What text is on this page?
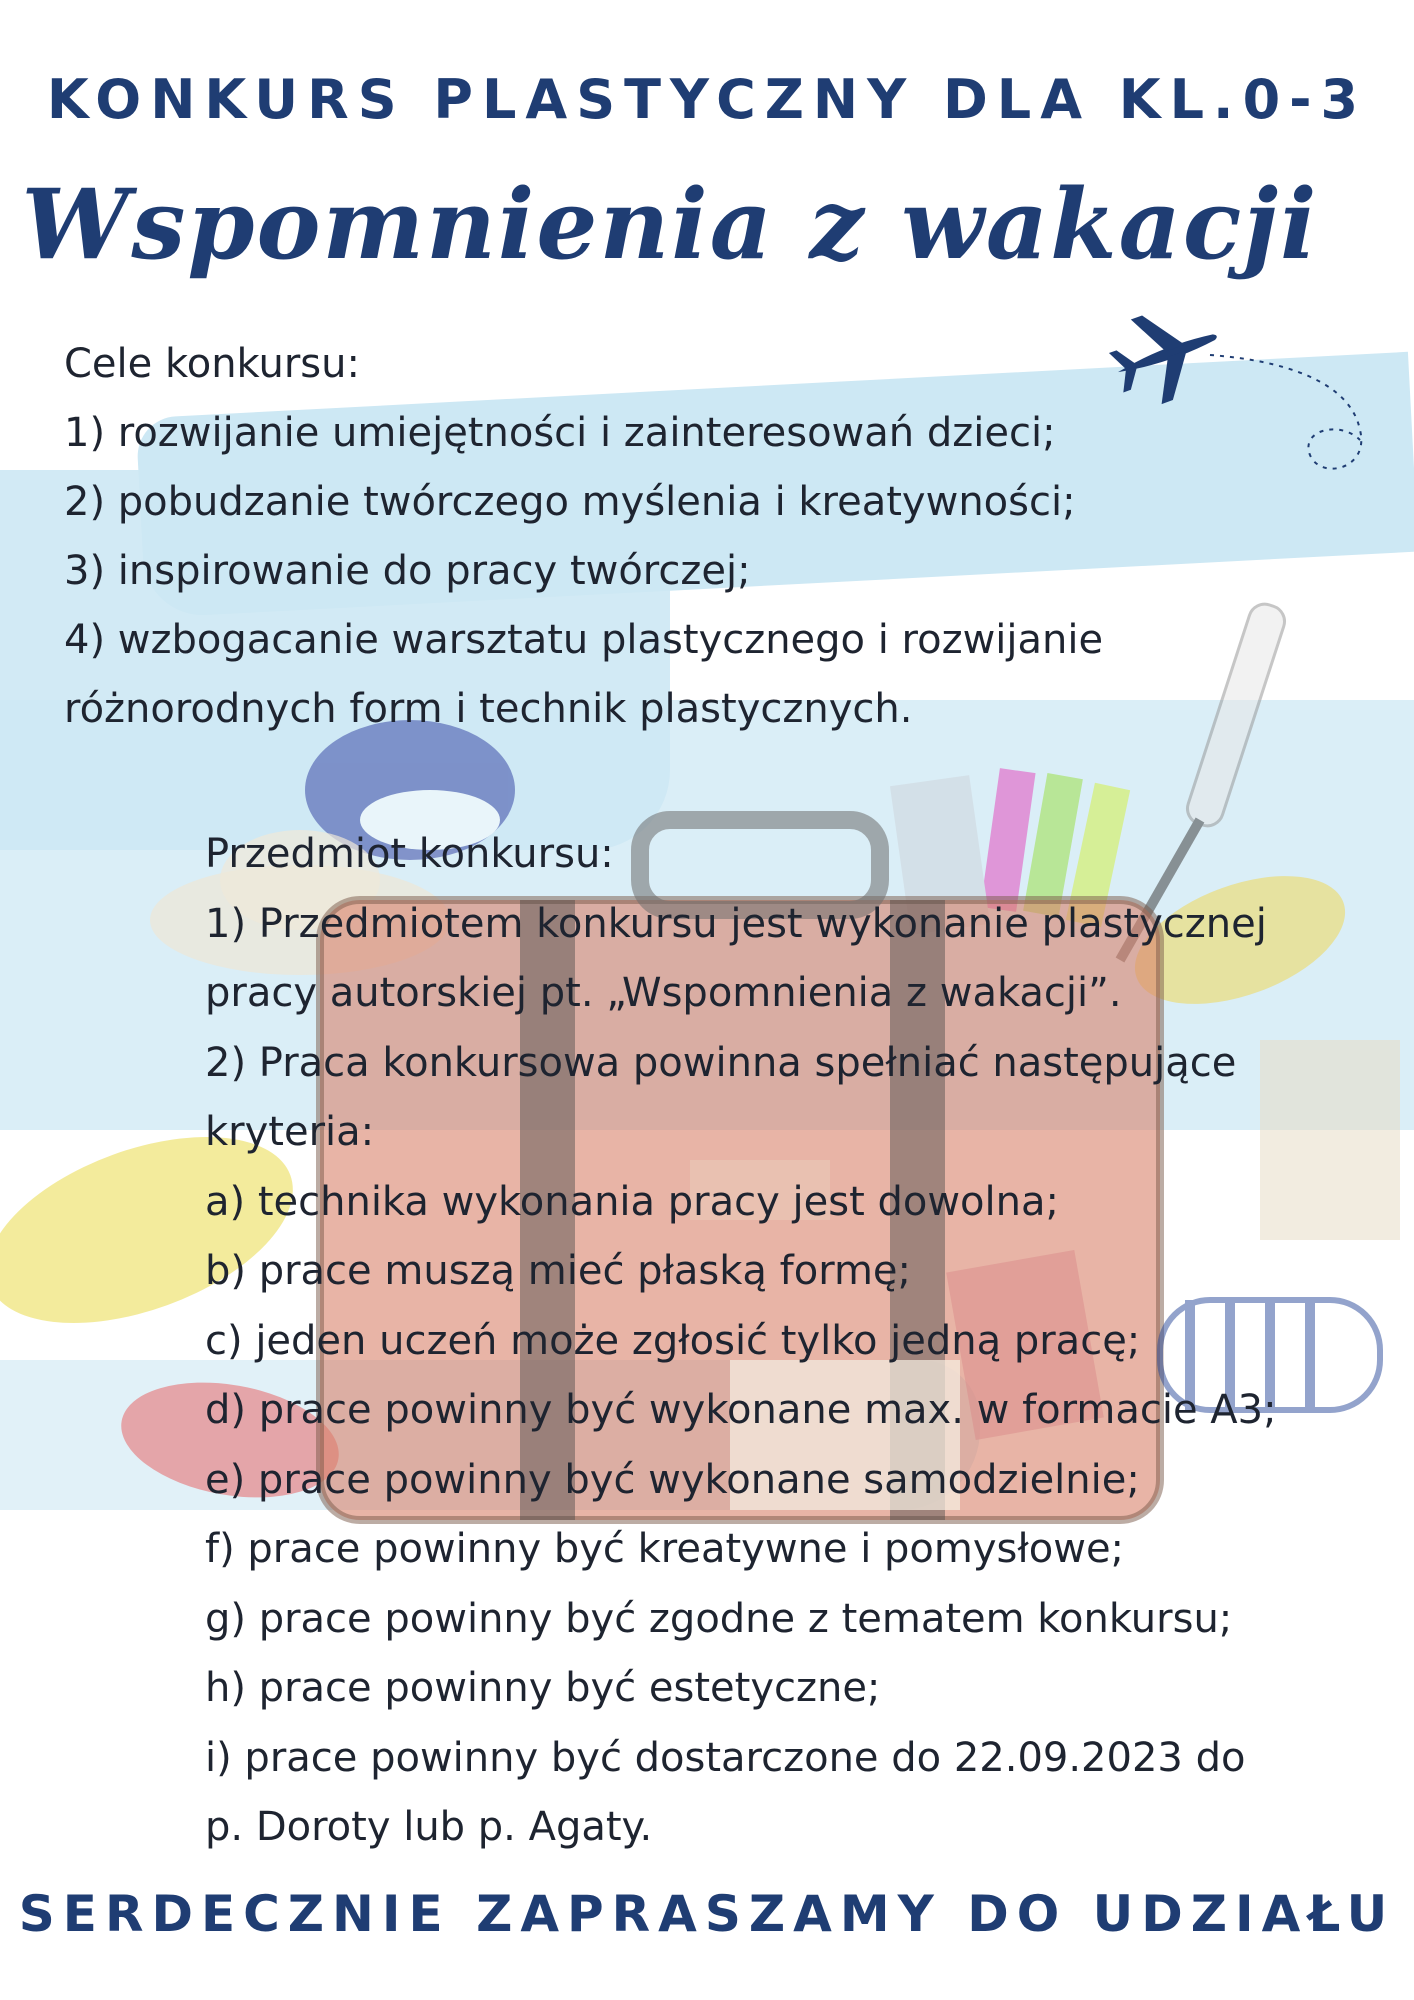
KONKURS PLASTYCZNY DLA KL.0-3
Wspomnienia z wakacji
Cele konkursu:
1) rozwijanie umiejętności i zainteresowań dzieci;
2) pobudzanie twórczego myślenia i kreatywności;
3) inspirowanie do pracy twórczej;
4) wzbogacanie warsztatu plastycznego i rozwijanie
różnorodnych form i technik plastycznych.
Przedmiot konkursu:
1) Przedmiotem konkursu jest wykonanie plastycznej
pracy autorskiej pt. „Wspomnienia z wakacji”.
2) Praca konkursowa powinna spełniać następujące
kryteria:
a) technika wykonania pracy jest dowolna;
b) prace muszą mieć płaską formę;
c) jeden uczeń może zgłosić tylko jedną pracę;
d) prace powinny być wykonane max. w formacie A3;
e) prace powinny być wykonane samodzielnie;
f) prace powinny być kreatywne i pomysłowe;
g) prace powinny być zgodne z tematem konkursu;
h) prace powinny być estetyczne;
i) prace powinny być dostarczone do 22.09.2023 do
p. Doroty lub p. Agaty.
SERDECZNIE ZAPRASZAMY DO UDZIAŁU
